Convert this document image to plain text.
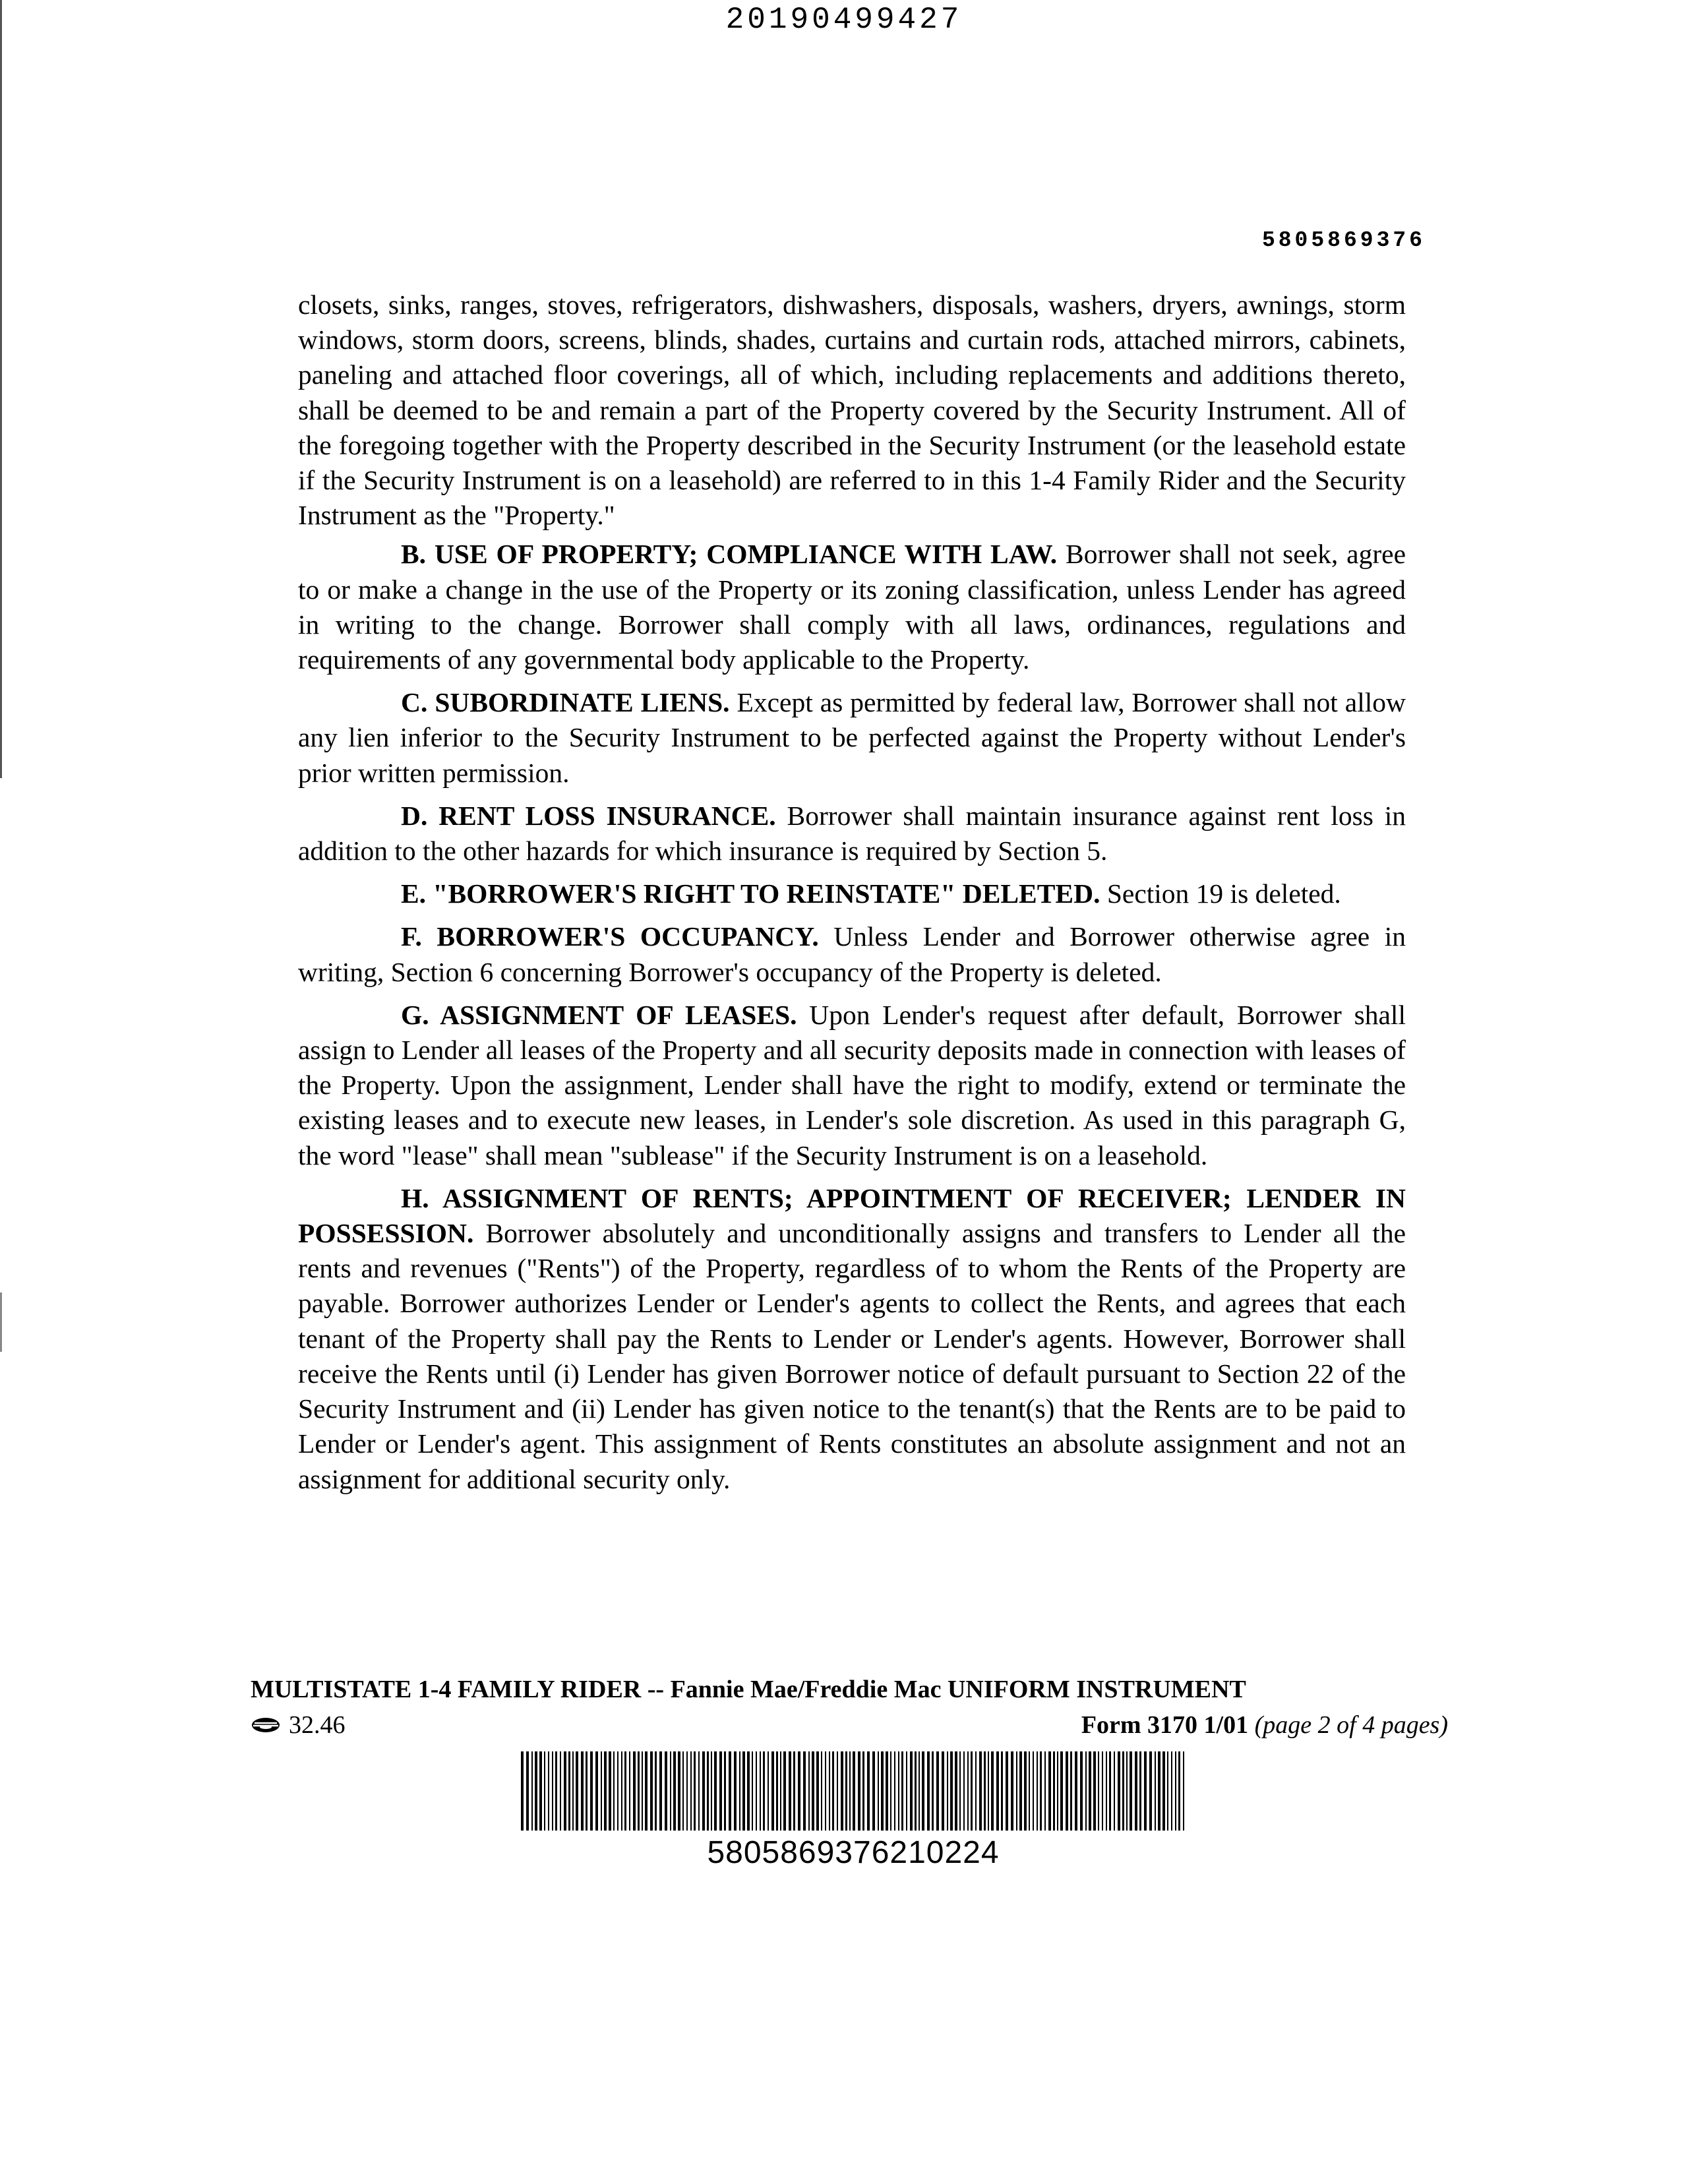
20190499427
5805869376

closets, sinks, ranges, stoves, refrigerators, dishwashers, disposals, washers, dryers, awnings, storm windows, storm doors, screens, blinds, shades, curtains and curtain rods, attached mirrors, cabinets, paneling and attached floor coverings, all of which, including replacements and additions thereto, shall be deemed to be and remain a part of the Property covered by the Security Instrument. All of the foregoing together with the Property described in the Security Instrument (or the leasehold estate if the Security Instrument is on a leasehold) are referred to in this 1-4 Family Rider and the Security Instrument as the "Property."

B. USE OF PROPERTY; COMPLIANCE WITH LAW. Borrower shall not seek, agree to or make a change in the use of the Property or its zoning classification, unless Lender has agreed in writing to the change. Borrower shall comply with all laws, ordinances, regulations and requirements of any governmental body applicable to the Property.

C. SUBORDINATE LIENS. Except as permitted by federal law, Borrower shall not allow any lien inferior to the Security Instrument to be perfected against the Property without Lender's prior written permission.

D. RENT LOSS INSURANCE. Borrower shall maintain insurance against rent loss in addition to the other hazards for which insurance is required by Section 5.

E. "BORROWER'S RIGHT TO REINSTATE" DELETED. Section 19 is deleted.

F. BORROWER'S OCCUPANCY. Unless Lender and Borrower otherwise agree in writing, Section 6 concerning Borrower's occupancy of the Property is deleted.

G. ASSIGNMENT OF LEASES. Upon Lender's request after default, Borrower shall assign to Lender all leases of the Property and all security deposits made in connection with leases of the Property. Upon the assignment, Lender shall have the right to modify, extend or terminate the existing leases and to execute new leases, in Lender's sole discretion. As used in this paragraph G, the word "lease" shall mean "sublease" if the Security Instrument is on a leasehold.

H. ASSIGNMENT OF RENTS; APPOINTMENT OF RECEIVER; LENDER IN POSSESSION. Borrower absolutely and unconditionally assigns and transfers to Lender all the rents and revenues ("Rents") of the Property, regardless of to whom the Rents of the Property are payable. Borrower authorizes Lender or Lender's agents to collect the Rents, and agrees that each tenant of the Property shall pay the Rents to Lender or Lender's agents. However, Borrower shall receive the Rents until (i) Lender has given Borrower notice of default pursuant to Section 22 of the Security Instrument and (ii) Lender has given notice to the tenant(s) that the Rents are to be paid to Lender or Lender's agent. This assignment of Rents constitutes an absolute assignment and not an assignment for additional security only.

MULTISTATE 1-4 FAMILY RIDER -- Fannie Mae/Freddie Mac UNIFORM INSTRUMENT
32.46	Form 3170 1/01 (page 2 of 4 pages)
5805869376210224
